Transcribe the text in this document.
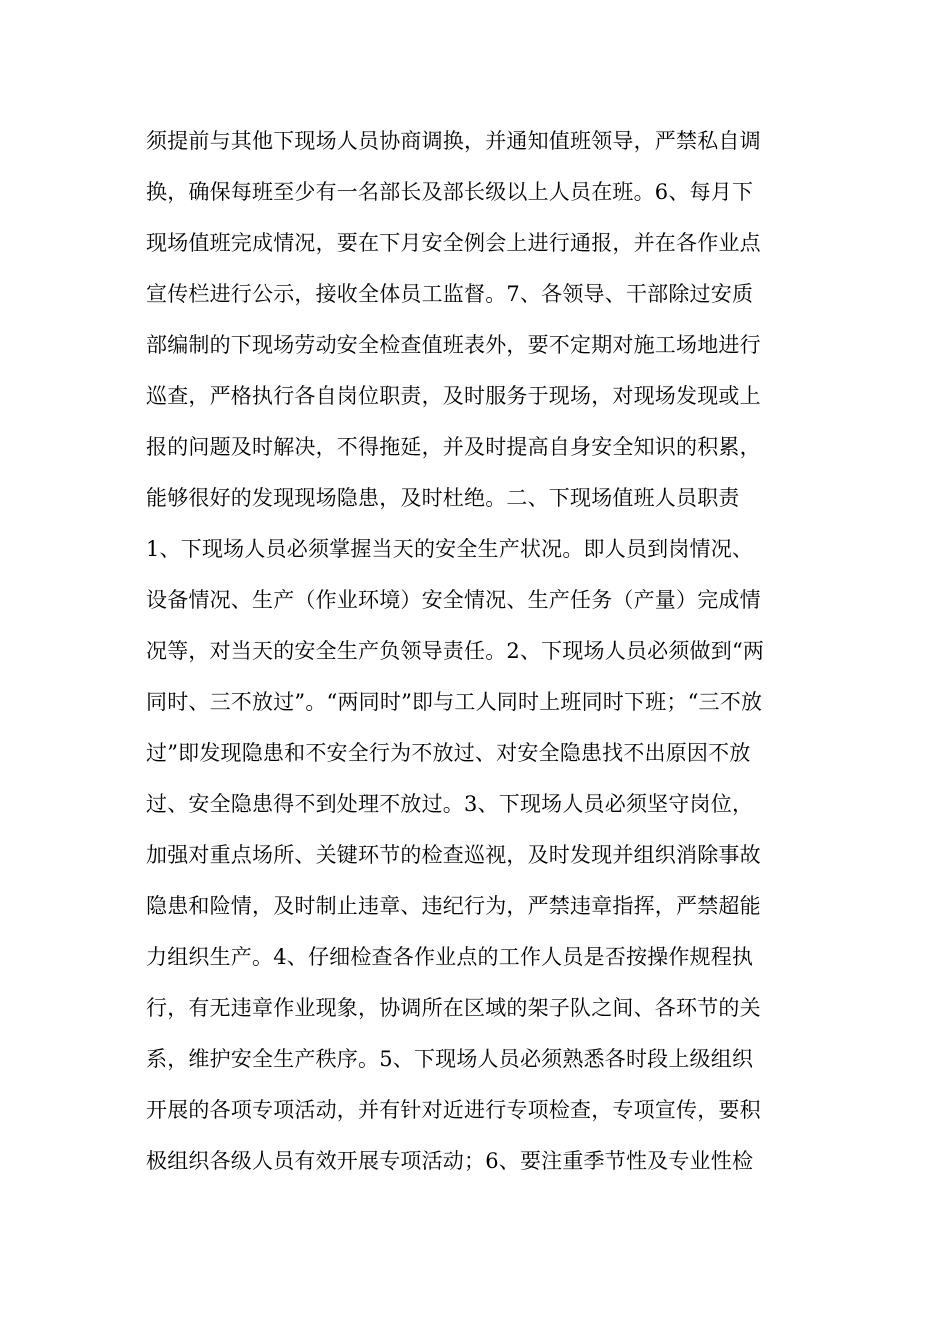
须提前与其他下现场人员协商调换，并通知值班领导，严禁私自调
换，确保每班至少有一名部长及部长级以上人员在班。6、每月下
现场值班完成情况，要在下月安全例会上进行通报，并在各作业点
宣传栏进行公示，接收全体员工监督。7、各领导、干部除过安质
部编制的下现场劳动安全检查值班表外，要不定期对施工场地进行
巡查，严格执行各自岗位职责，及时服务于现场，对现场发现或上
报的问题及时解决，不得拖延，并及时提高自身安全知识的积累，
能够很好的发现现场隐患，及时杜绝。二、下现场值班人员职责
1、下现场人员必须掌握当天的安全生产状况。即人员到岗情况、
设备情况、生产（作业环境）安全情况、生产任务（产量）完成情
况等，对当天的安全生产负领导责任。2、下现场人员必须做到“两
同时、三不放过”。“两同时”即与工人同时上班同时下班；“三不放
过”即发现隐患和不安全行为不放过、对安全隐患找不出原因不放
过、安全隐患得不到处理不放过。3、下现场人员必须坚守岗位，
加强对重点场所、关键环节的检查巡视，及时发现并组织消除事故
隐患和险情，及时制止违章、违纪行为，严禁违章指挥，严禁超能
力组织生产。4、仔细检查各作业点的工作人员是否按操作规程执
行，有无违章作业现象，协调所在区域的架子队之间、各环节的关
系，维护安全生产秩序。5、下现场人员必须熟悉各时段上级组织
开展的各项专项活动，并有针对近进行专项检查，专项宣传，要积
极组织各级人员有效开展专项活动；6、要注重季节性及专业性检
